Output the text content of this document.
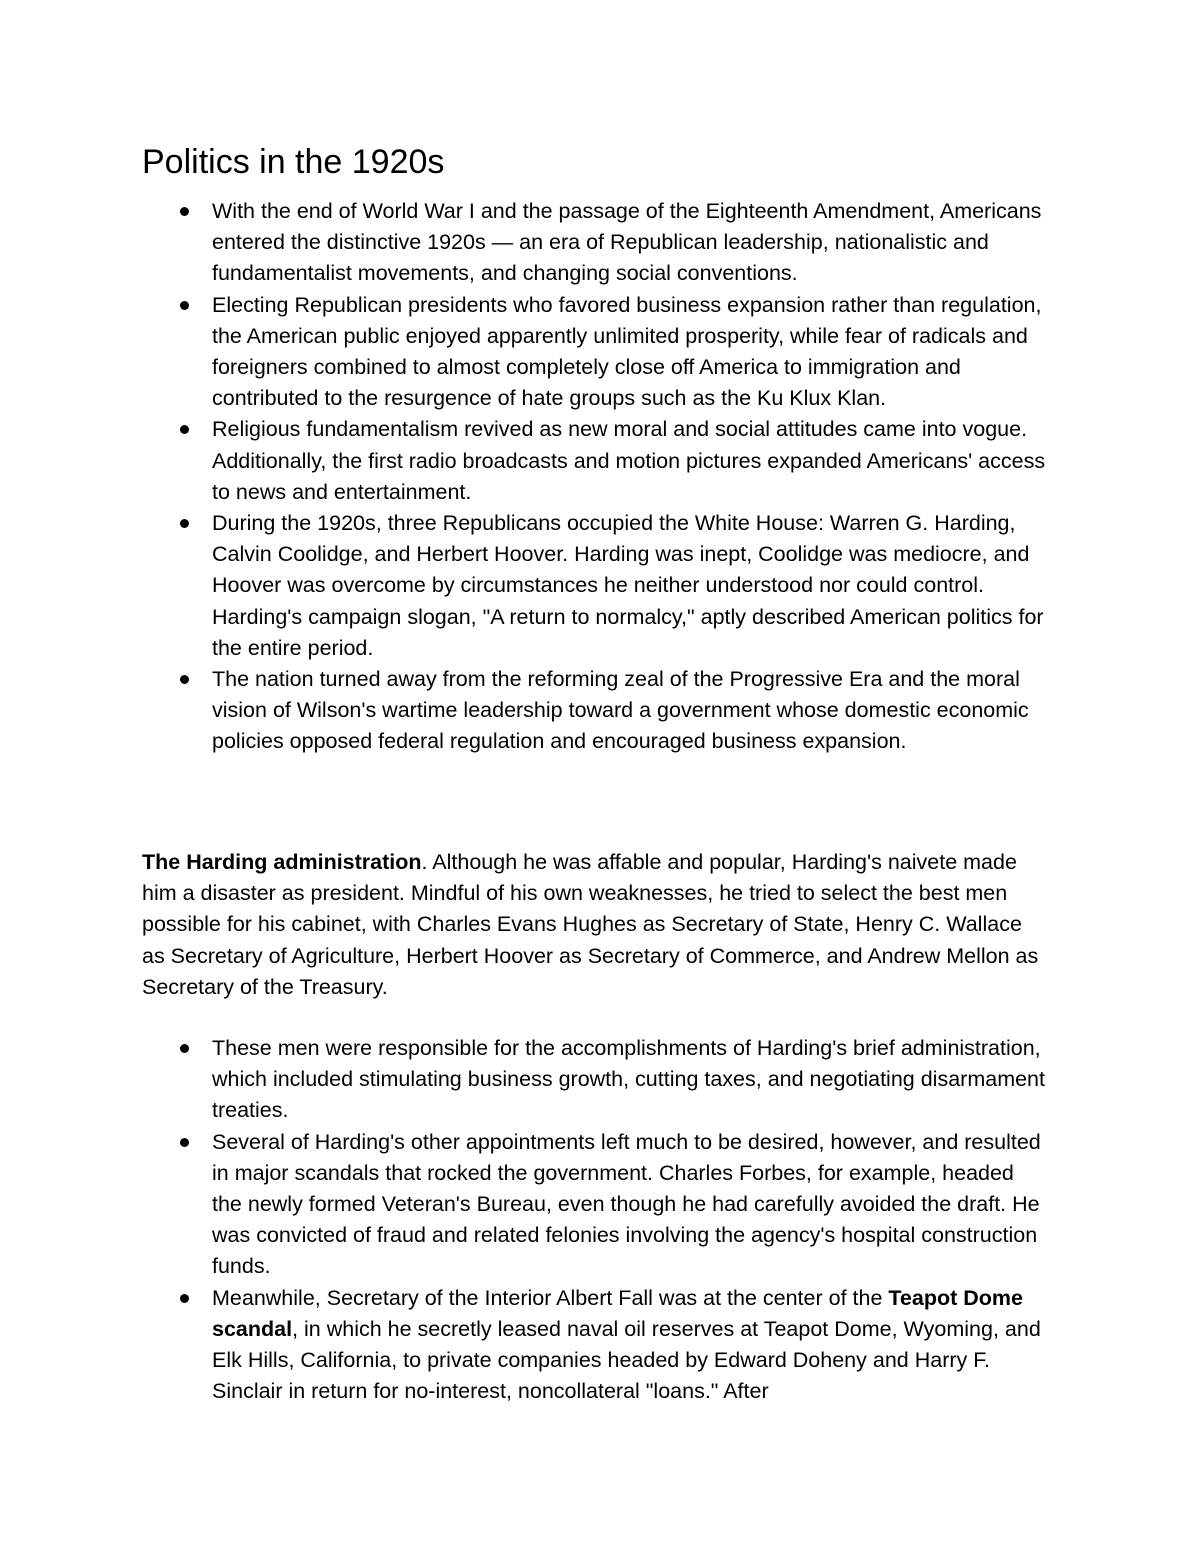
Politics in the 1920s
With the end of World War I and the passage of the Eighteenth Amendment, Americans entered the distinctive 1920s — an era of Republican leadership, nationalistic and fundamentalist movements, and changing social conventions.
Electing Republican presidents who favored business expansion rather than regulation, the American public enjoyed apparently unlimited prosperity, while fear of radicals and foreigners combined to almost completely close off America to immigration and contributed to the resurgence of hate groups such as the Ku Klux Klan.
Religious fundamentalism revived as new moral and social attitudes came into vogue. Additionally, the first radio broadcasts and motion pictures expanded Americans' access to news and entertainment.
During the 1920s, three Republicans occupied the White House: Warren G. Harding, Calvin Coolidge, and Herbert Hoover. Harding was inept, Coolidge was mediocre, and Hoover was overcome by circumstances he neither understood nor could control. Harding's campaign slogan, "A return to normalcy," aptly described American politics for the entire period.
The nation turned away from the reforming zeal of the Progressive Era and the moral vision of Wilson's wartime leadership toward a government whose domestic economic policies opposed federal regulation and encouraged business expansion.

The Harding administration. Although he was affable and popular, Harding's naivete made him a disaster as president. Mindful of his own weaknesses, he tried to select the best men possible for his cabinet, with Charles Evans Hughes as Secretary of State, Henry C. Wallace as Secretary of Agriculture, Herbert Hoover as Secretary of Commerce, and Andrew Mellon as Secretary of the Treasury.

These men were responsible for the accomplishments of Harding's brief administration, which included stimulating business growth, cutting taxes, and negotiating disarmament treaties.
Several of Harding's other appointments left much to be desired, however, and resulted in major scandals that rocked the government. Charles Forbes, for example, headed the newly formed Veteran's Bureau, even though he had carefully avoided the draft. He was convicted of fraud and related felonies involving the agency's hospital construction funds.
Meanwhile, Secretary of the Interior Albert Fall was at the center of the Teapot Dome scandal, in which he secretly leased naval oil reserves at Teapot Dome, Wyoming, and Elk Hills, California, to private companies headed by Edward Doheny and Harry F. Sinclair in return for no-interest, noncollateral "loans." After
